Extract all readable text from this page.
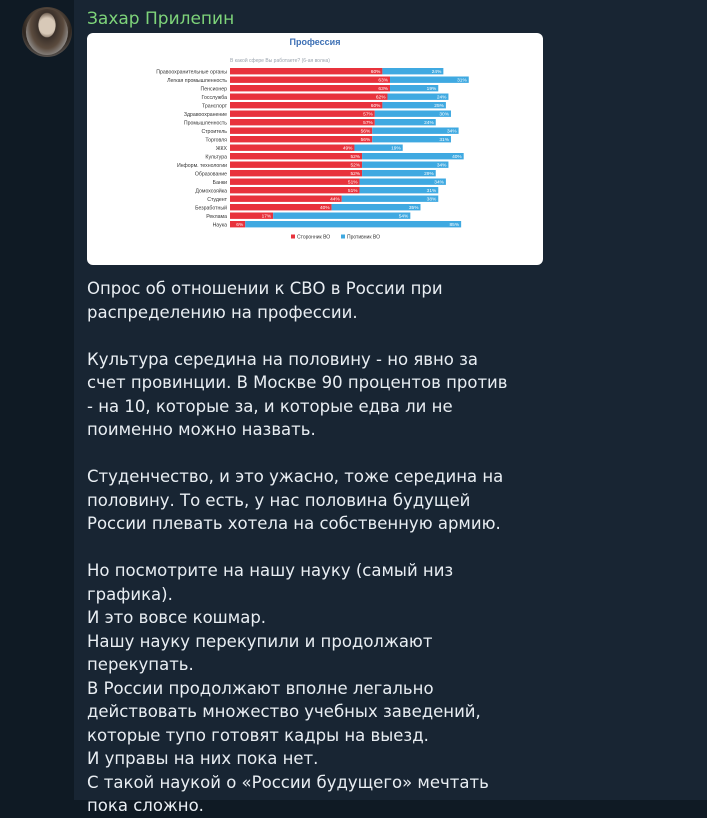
Захар Прилепин
Профессия
В какой сфере Вы работаете? (6-ая волна)
Правоохранительные органы	60%	24%
Легкая промышленность	63%	31%
Пенсионер	63%	19%
Госслужба	62%	24%
Транспорт	60%	25%
Здравоохранение	57%	30%
Промышленность	57%	24%
Строитель	56%	34%
Торговля	56%	31%
ЖКХ	49%	19%
Культура	52%	40%
Информ. технологии	52%	34%
Образование	52%	29%
Банки	51%	34%
Домохозяйка	51%	31%
Студент	44%	38%
Безработный	40%	35%
Реклама	17%	54%
Наука 6%	85%
Сторонник ВО	Противник ВО

Опрос об отношении к СВО в России при
распределению на профессии.

Культура середина на половину - но явно за
счет провинции. В Москве 90 процентов против
- на 10, которые за, и которые едва ли не
поименно можно назвать.

Студенчество, и это ужасно, тоже середина на
половину. То есть, у нас половина будущей
России плевать хотела на собственную армию.

Но посмотрите на нашу науку (самый низ
графика).
И это вовсе кошмар.
Нашу науку перекупили и продолжают
перекупать.
В России продолжают вполне легально
действовать множество учебных заведений,
которые тупо готовят кадры на выезд.
И управы на них пока нет.
С такой наукой о «России будущего» мечтать
пока сложно.
